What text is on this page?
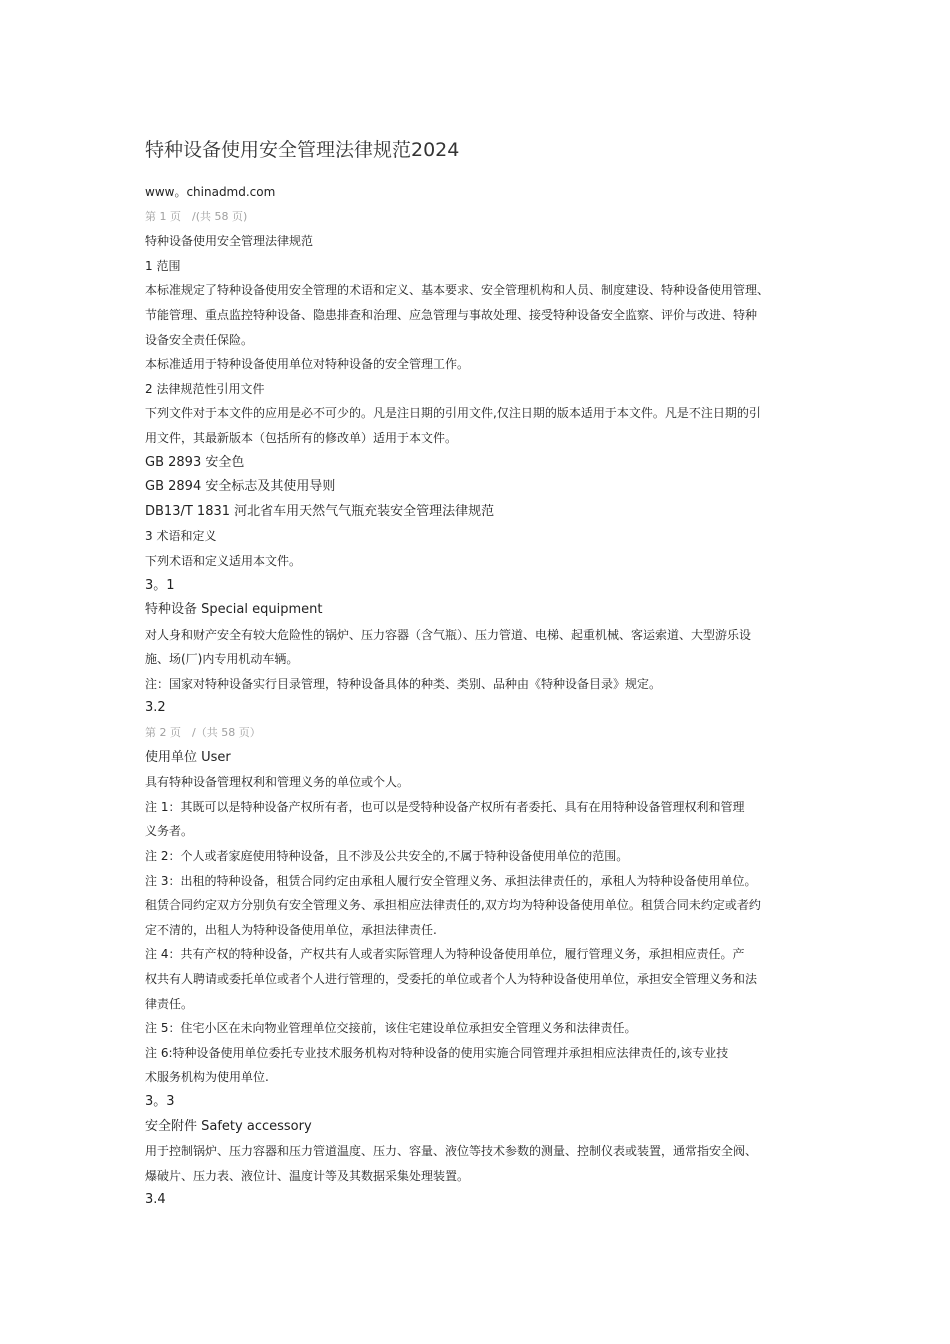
特种设备使用安全管理法律规范2024
www。chinadmd.com
第 1 页　/(共 58 页)
特种设备使用安全管理法律规范
1 范围
本标准规定了特种设备使用安全管理的术语和定义、基本要求、安全管理机构和人员、制度建设、特种设备使用管理、
节能管理、重点监控特种设备、隐患排查和治理、应急管理与事故处理、接受特种设备安全监察、评价与改进、特种
设备安全责任保险。
本标准适用于特种设备使用单位对特种设备的安全管理工作。
2 法律规范性引用文件
下列文件对于本文件的应用是必不可少的。凡是注日期的引用文件,仅注日期的版本适用于本文件。凡是不注日期的引
用文件，其最新版本（包括所有的修改单）适用于本文件。
GB 2893 安全色
GB 2894 安全标志及其使用导则
DB13/T 1831 河北省车用天然气气瓶充装安全管理法律规范
3 术语和定义
下列术语和定义适用本文件。
3。1
特种设备 Special equipment
对人身和财产安全有较大危险性的锅炉、压力容器（含气瓶）、压力管道、电梯、起重机械、客运索道、大型游乐设
施、场(厂)内专用机动车辆。
注：国家对特种设备实行目录管理，特种设备具体的种类、类别、品种由《特种设备目录》规定。
3.2
第 2 页　/（共 58 页）
使用单位 User
具有特种设备管理权利和管理义务的单位或个人。
注 1：其既可以是特种设备产权所有者，也可以是受特种设备产权所有者委托、具有在用特种设备管理权利和管理
义务者。
注 2：个人或者家庭使用特种设备，且不涉及公共安全的,不属于特种设备使用单位的范围。
注 3：出租的特种设备，租赁合同约定由承租人履行安全管理义务、承担法律责任的，承租人为特种设备使用单位。
租赁合同约定双方分别负有安全管理义务、承担相应法律责任的,双方均为特种设备使用单位。租赁合同未约定或者约
定不清的，出租人为特种设备使用单位，承担法律责任.
注 4：共有产权的特种设备，产权共有人或者实际管理人为特种设备使用单位，履行管理义务，承担相应责任。产
权共有人聘请或委托单位或者个人进行管理的，受委托的单位或者个人为特种设备使用单位，承担安全管理义务和法
律责任。
注 5：住宅小区在未向物业管理单位交接前，该住宅建设单位承担安全管理义务和法律责任。
注 6:特种设备使用单位委托专业技术服务机构对特种设备的使用实施合同管理并承担相应法律责任的,该专业技
术服务机构为使用单位.
3。3
安全附件 Safety accessory
用于控制锅炉、压力容器和压力管道温度、压力、容量、液位等技术参数的测量、控制仪表或装置，通常指安全阀、
爆破片、压力表、液位计、温度计等及其数据采集处理装置。
3.4
